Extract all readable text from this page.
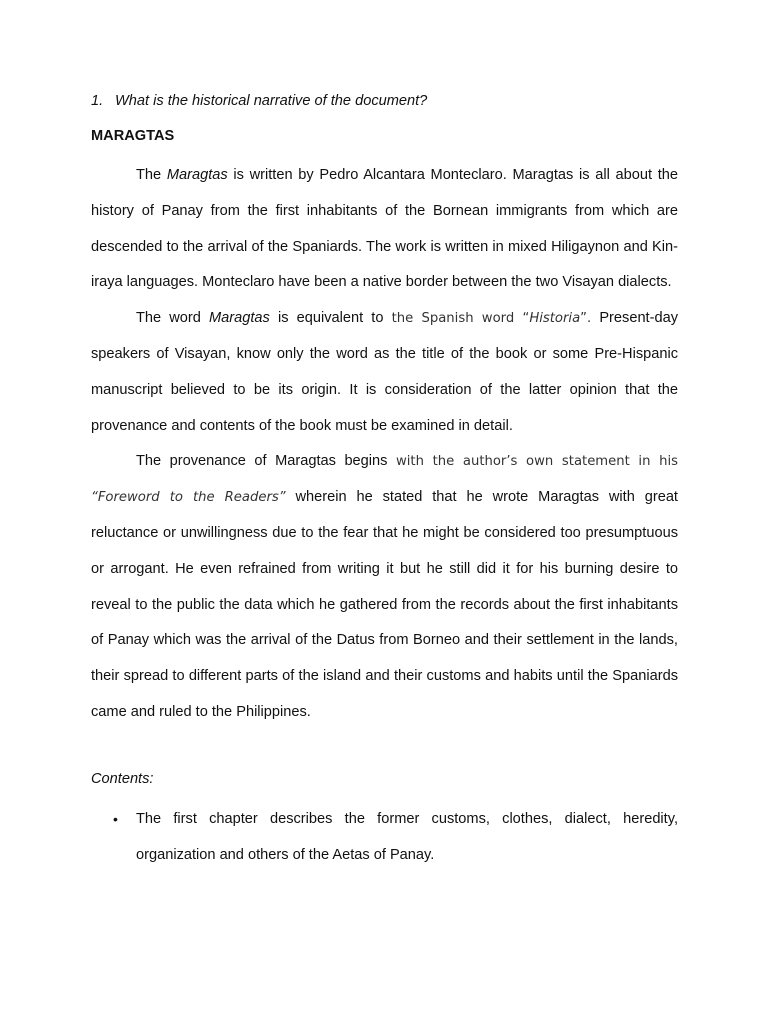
1. What is the historical narrative of the document?

MARAGTAS

The Maragtas is written by Pedro Alcantara Monteclaro. Maragtas is all about the history of Panay from the first inhabitants of the Bornean immigrants from which are descended to the arrival of the Spaniards. The work is written in mixed Hiligaynon and Kin-iraya languages. Monteclaro have been a native border between the two Visayan dialects.

The word Maragtas is equivalent to the Spanish word “Historia”. Present-day speakers of Visayan, know only the word as the title of the book or some Pre-Hispanic manuscript believed to be its origin. It is consideration of the latter opinion that the provenance and contents of the book must be examined in detail.

The provenance of Maragtas begins with the author’s own statement in his “Foreword to the Readers” wherein he stated that he wrote Maragtas with great reluctance or unwillingness due to the fear that he might be considered too presumptuous or arrogant. He even refrained from writing it but he still did it for his burning desire to reveal to the public the data which he gathered from the records about the first inhabitants of Panay which was the arrival of the Datus from Borneo and their settlement in the lands, their spread to different parts of the island and their customs and habits until the Spaniards came and ruled to the Philippines.

Contents:

• The first chapter describes the former customs, clothes, dialect, heredity, organization and others of the Aetas of Panay.
